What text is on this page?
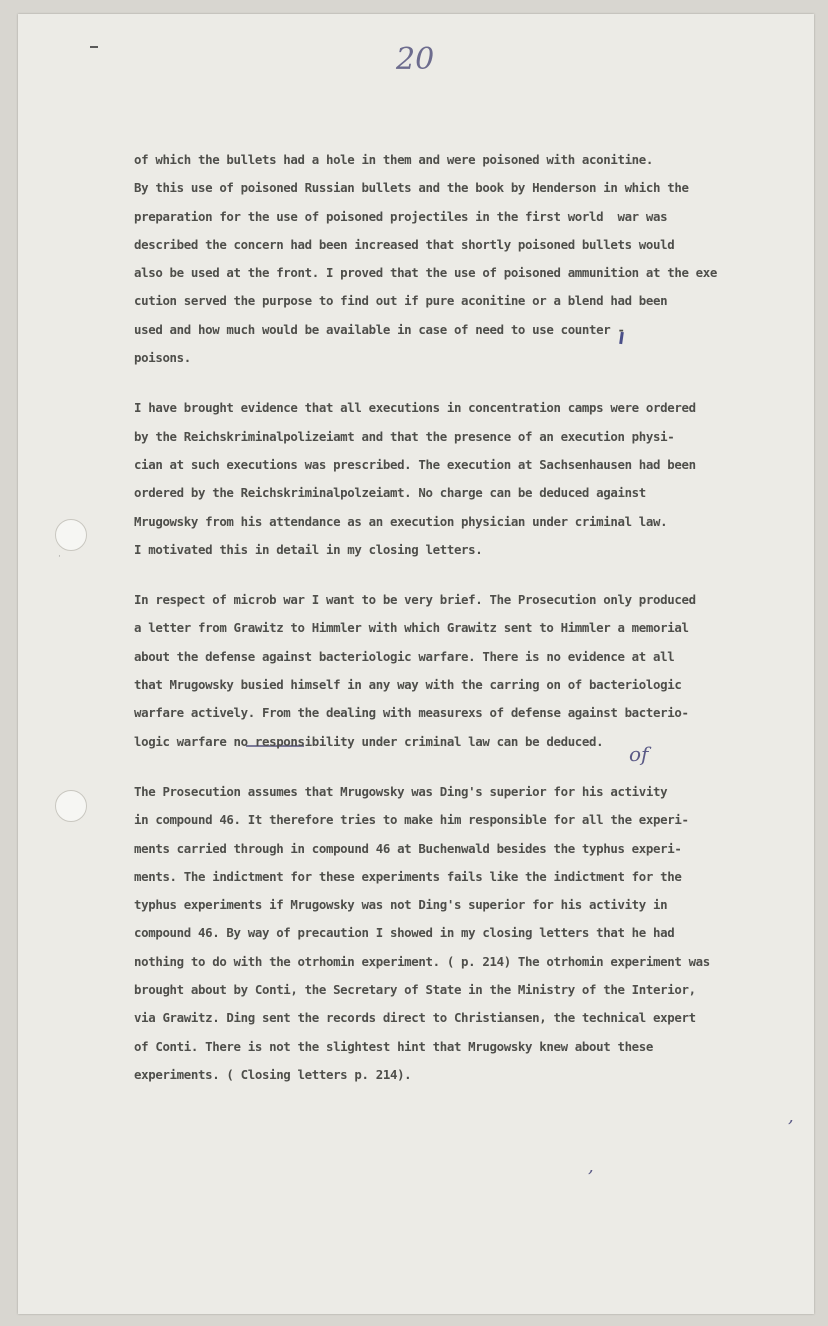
·
20
of
,
,
of which the bullets had a hole in them and were poisoned with aconitine.
By this use of poisoned Russian bullets and the book by Henderson in which the
preparation for the use of poisoned projectiles in the first world  war was
described the concern had been increased that shortly poisoned bullets would
also be used at the front. I proved that the use of poisoned ammunition at the exe
cution served the purpose to find out if pure aconitine or a blend had been
used and how much would be available in case of need to use counter -
poisons.
I have brought evidence that all executions in concentration camps were ordered
by the Reichskriminalpolizeiamt and that the presence of an execution physi-
cian at such executions was prescribed. The execution at Sachsenhausen had been
ordered by the Reichskriminalpolzeiamt. No charge can be deduced against
Mrugowsky from his attendance as an execution physician under criminal law.
I motivated this in detail in my closing letters.
In respect of microb war I want to be very brief. The Prosecution only produced
a letter from Grawitz to Himmler with which Grawitz sent to Himmler a memorial
about the defense against bacteriologic warfare. There is no evidence at all
that Mrugowsky busied himself in any way with the carring on of bacteriologic
warfare actively. From the dealing with measurexs of defense against bacterio-
logic warfare no responsibility under criminal law can be deduced.
The Prosecution assumes that Mrugowsky was Ding's superior for his activity
in compound 46. It therefore tries to make him responsible for all the experi-
ments carried through in compound 46 at Buchenwald besides the typhus experi-
ments. The indictment for these experiments fails like the indictment for the
typhus experiments if Mrugowsky was not Ding's superior for his activity in
compound 46. By way of precaution I showed in my closing letters that he had
nothing to do with the otrhomin experiment. ( p. 214) The otrhomin experiment was
brought about by Conti, the Secretary of State in the Ministry of the Interior,
via Grawitz. Ding sent the records direct to Christiansen, the technical expert
of Conti. There is not the slightest hint that Mrugowsky knew about these
experiments. ( Closing letters p. 214).
